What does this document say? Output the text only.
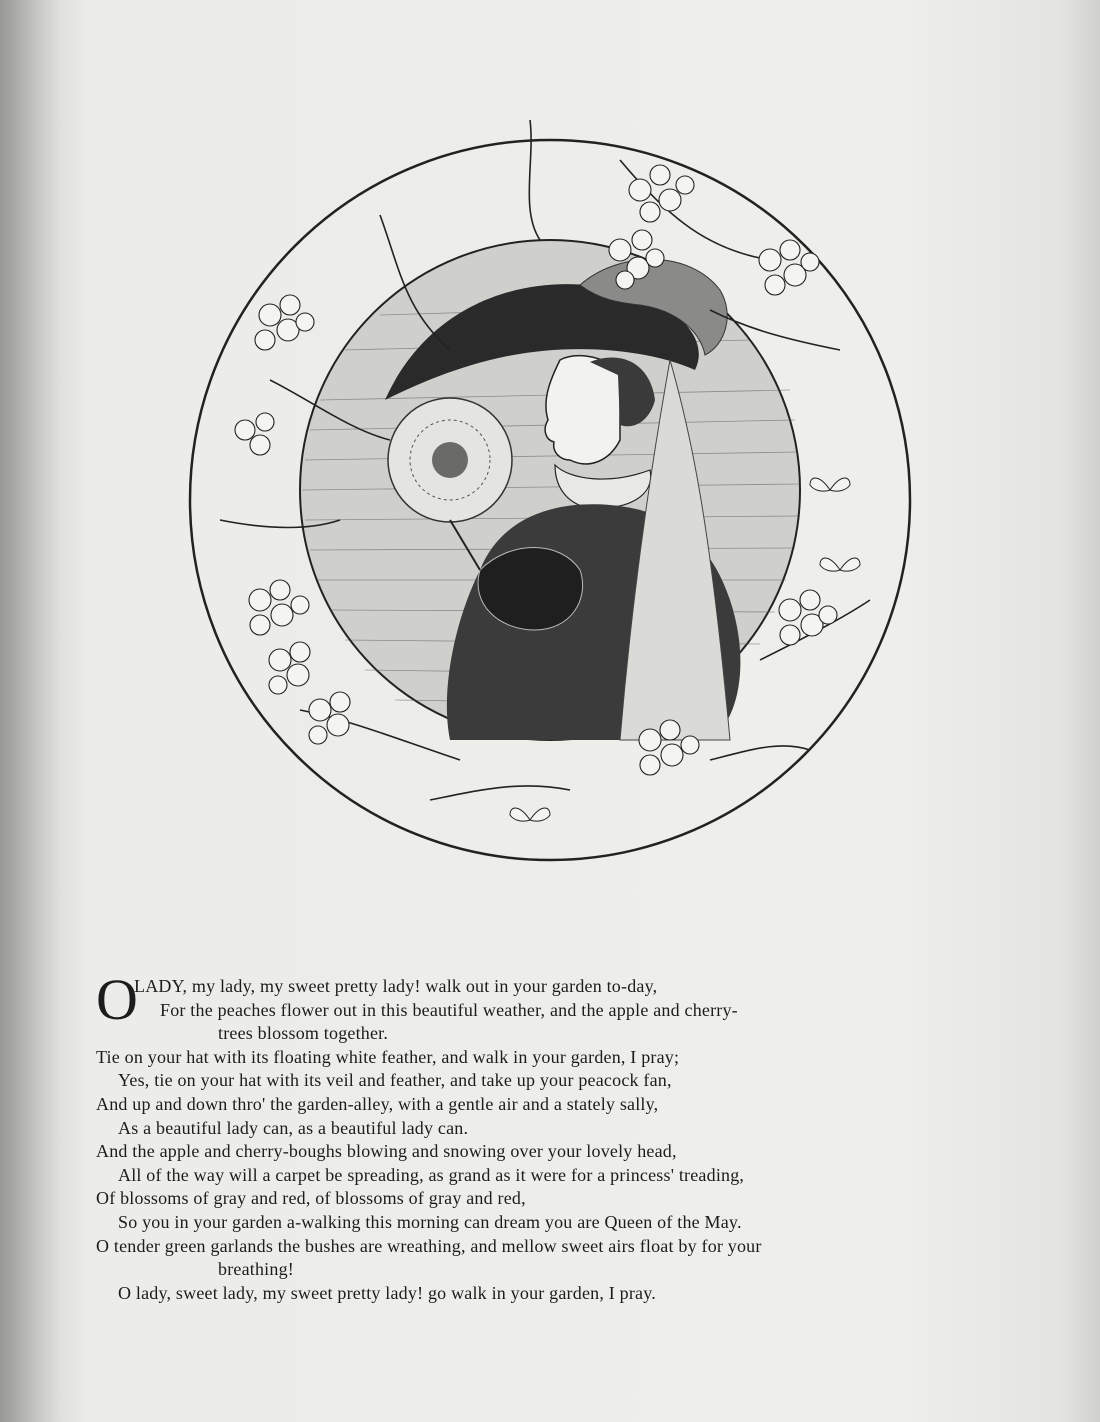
O
LADY, my lady, my sweet pretty lady! walk out in your garden to-day,
For the peaches flower out in this beautiful weather, and the apple and cherry-
trees blossom together.
Tie on your hat with its floating white feather, and walk in your garden, I pray;
Yes, tie on your hat with its veil and feather, and take up your peacock fan,
And up and down thro' the garden-alley, with a gentle air and a stately sally,
As a beautiful lady can, as a beautiful lady can.
And the apple and cherry-boughs blowing and snowing over your lovely head,
All of the way will a carpet be spreading, as grand as it were for a princess' treading,
Of blossoms of gray and red, of blossoms of gray and red,
So you in your garden a-walking this morning can dream you are Queen of the May.
O tender green garlands the bushes are wreathing, and mellow sweet airs float by for your
breathing!
O lady, sweet lady, my sweet pretty lady! go walk in your garden, I pray.
